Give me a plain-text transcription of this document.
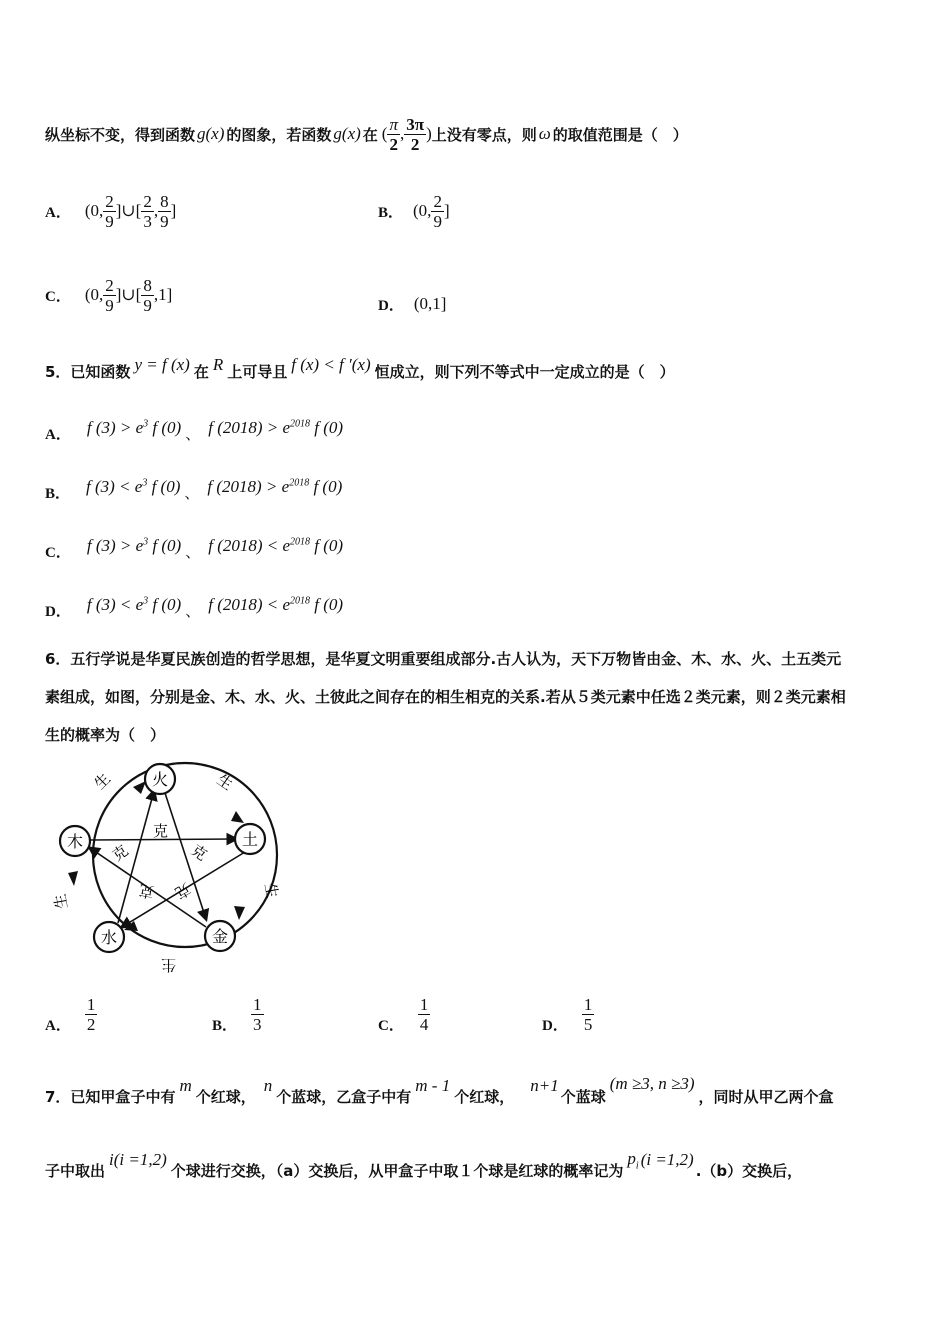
纵坐标不变，得到函数 g(x) 的图象，若函数 g(x) 在 ( $\frac{\pi}{2}$ , $\frac{3\pi}{2}$ ) 上没有零点，则 ω 的取值范围是（　）
A． (0, $\frac{2}{9}$ ]∪[ $\frac{2}{3}$ , $\frac{8}{9}$ ]	B． (0, $\frac{2}{9}$ ]
C． (0, $\frac{2}{9}$ ]∪[ $\frac{8}{9} ,1$]
D． (0,1]
5．已知函数 y = f (x) 在 R 上可导且 f (x) < f ′(x) 恒成立，则下列不等式中一定成立的是（　）
A． f $(3) > e^3$ f (0) 、 f $(2018) > e^{2018}$ f (0)
B． f $(3) < e^3$ f (0) 、 f $(2018) > e^{2018}$ f (0)
C． f $(3) > e^3$ f (0) 、 f $(2018) < e^{2018}$ f (0)
D． f $(3) < e^3$ f (0) 、 f $(2018) < e^{2018}$ f (0)
6．五行学说是华夏民族创造的哲学思想，是华夏文明重要组成部分.古人认为，天下万物皆由金、木、水、火、土五类元
素组成，如图，分别是金、木、水、火、土彼此之间存在的相生相克的关系.若从５类元素中任选２类元素，则２类元素相
生的概率为（　）
火
土
金
水
木
生	生
生
生
生
克
克
克
克 克
A． $\frac{1}{2}$	B． $\frac{1}{3}$	C． $\frac{1}{4}$	D． $\frac{1}{5}$
7．已知甲盒子中有
m
个红球，
n
个蓝球，乙盒子中有
m - 1
个红球，
n+1
个蓝球
(m ≥3, n ≥3)
，同时从甲乙两个盒
子中取出
i(i =1,2)
个球进行交换，（a）交换后，从甲盒子中取１个球是红球的概率记为
$p_i$ (i =1,2)
.（b）交换后，
